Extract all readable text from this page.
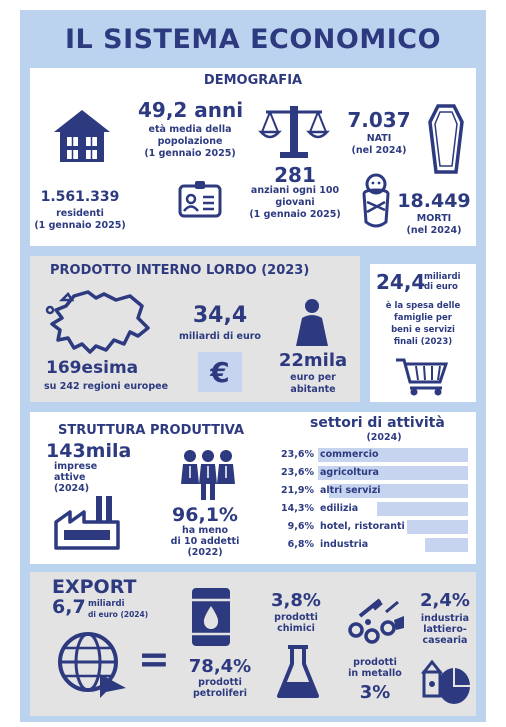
IL SISTEMA ECONOMICO
DEMOGRAFIA
1.561.339
residenti
(1 gennaio 2025)
49,2 anni
età media della
popolazione
(1 gennaio 2025)
281
anziani ogni 100
giovani
(1 gennaio 2025)
7.037
NATI
(nel 2024)
18.449
MORTI
(nel 2024)
PRODOTTO INTERNO LORDO (2023)
169esima
su 242 regioni europee
34,4
miliardi di euro
€	22mila
euro per
abitante
24,4
miliardi
di euro
è la spesa delle
famiglie per
beni e servizi
finali (2023)
STRUTTURA PRODUTTIVA
143mila
imprese
attive
(2024)
96,1%
ha meno
di 10 addetti
(2022)
settori di attività
(2024)
23,6% commercio
23,6% agricoltura
21,9% altri servizi
14,3% edilizia
9,6% hotel, ristoranti
6,8% industria
EXPORT
6,7 miliardi
di euro (2024)
=	78,4%
prodotti
petroliferi
3,8%
prodotti
chimici
prodotti
in metallo
3%
2,4%
industria
lattiero-
casearia
